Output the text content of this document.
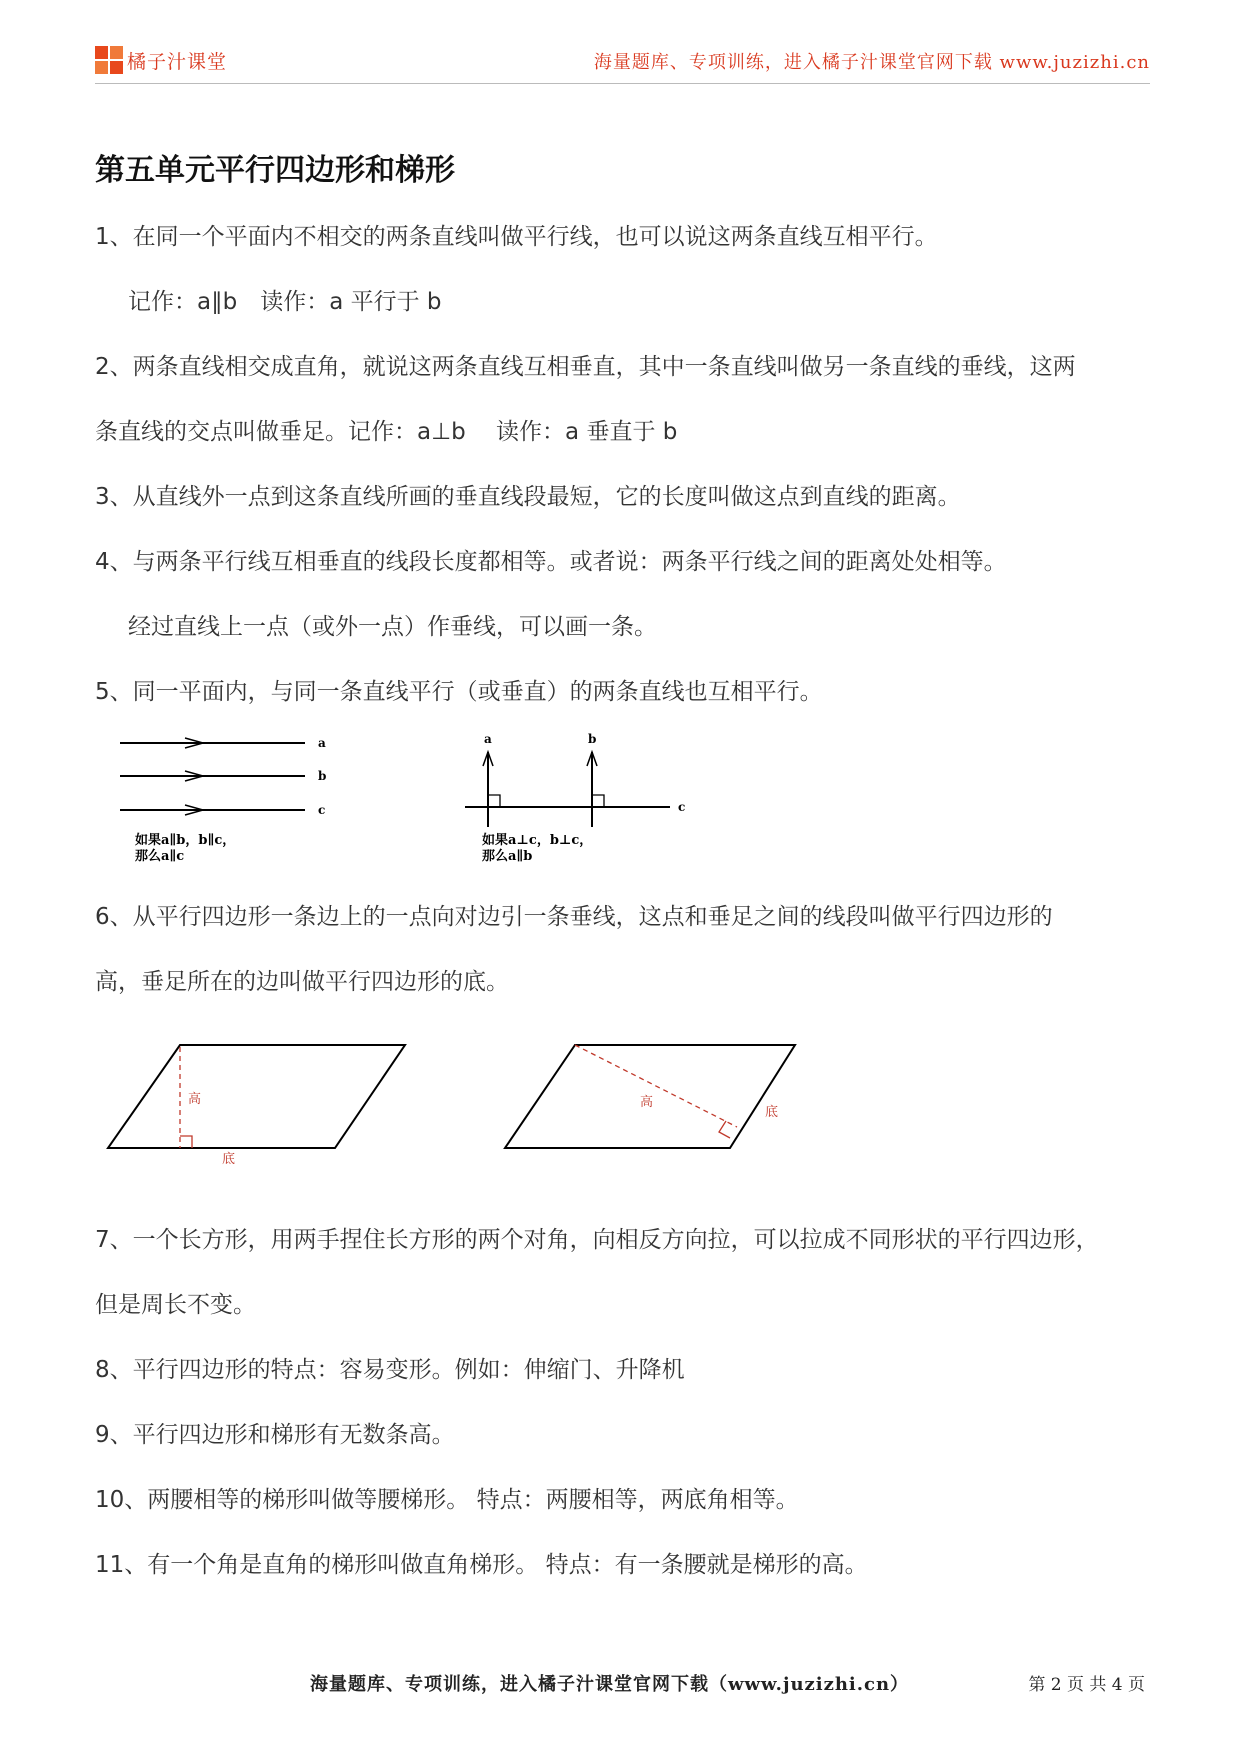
橘子汁课堂	海量题库、专项训练，进入橘子汁课堂官网下载 www.juzizhi.cn
第五单元平行四边形和梯形
1、在同一个平面内不相交的两条直线叫做平行线，也可以说这两条直线互相平行。
记作：a∥b　读作：a 平行于 b
2、两条直线相交成直角，就说这两条直线互相垂直，其中一条直线叫做另一条直线的垂线，这两
条直线的交点叫做垂足。记作：a⊥b　 读作：a 垂直于 b
3、从直线外一点到这条直线所画的垂直线段最短，它的长度叫做这点到直线的距离。
4、与两条平行线互相垂直的线段长度都相等。或者说：两条平行线之间的距离处处相等。
经过直线上一点（或外一点）作垂线，可以画一条。
5、同一平面内，与同一条直线平行（或垂直）的两条直线也互相平行。
a
b
c
如果a∥b，b∥c，
那么a∥c
a	b
c
如果a⊥c，b⊥c，
那么a∥b
6、从平行四边形一条边上的一点向对边引一条垂线，这点和垂足之间的线段叫做平行四边形的
高，垂足所在的边叫做平行四边形的底。
高
底
高
底
7、一个长方形，用两手捏住长方形的两个对角，向相反方向拉，可以拉成不同形状的平行四边形，
但是周长不变。
8、平行四边形的特点：容易变形。例如：伸缩门、升降机
9、平行四边形和梯形有无数条高。
10、两腰相等的梯形叫做等腰梯形。 特点：两腰相等，两底角相等。
11、有一个角是直角的梯形叫做直角梯形。 特点：有一条腰就是梯形的高。
海量题库、专项训练，进入橘子汁课堂官网下载（www.juzizhi.cn）	第 2 页 共 4 页
